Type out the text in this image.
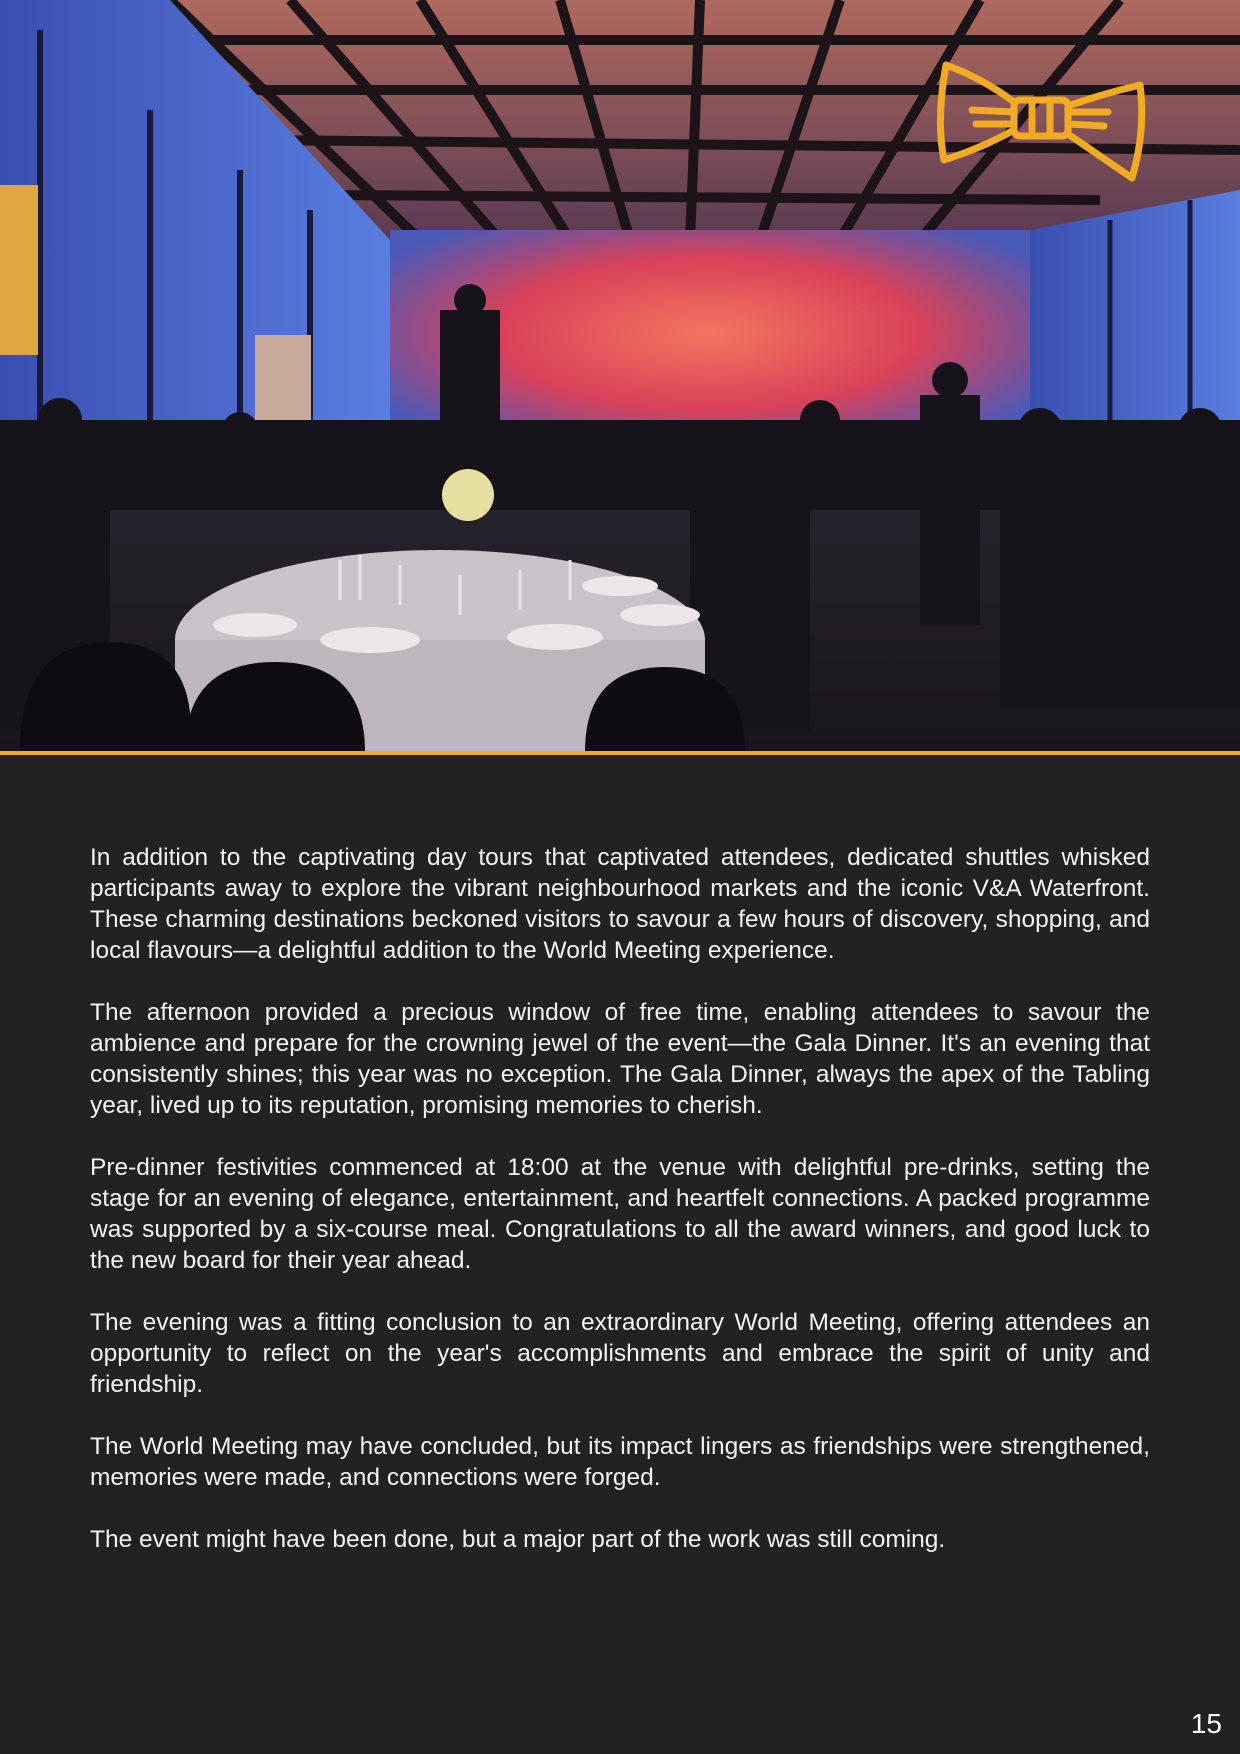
In addition to the captivating day tours that captivated attendees, dedicated shuttles whisked participants away to explore the vibrant neighbourhood markets and the iconic V&A Waterfront. These charming destinations beckoned visitors to savour a few hours of discovery, shopping, and local flavours—a delightful addition to the World Meeting experience.

The afternoon provided a precious window of free time, enabling attendees to savour the ambience and prepare for the crowning jewel of the event—the Gala Dinner. It's an evening that consistently shines; this year was no exception. The Gala Dinner, always the apex of the Tabling year, lived up to its reputation, promising memories to cherish.

Pre-dinner festivities commenced at 18:00 at the venue with delightful pre-drinks, setting the stage for an evening of elegance, entertainment, and heartfelt connections. A packed programme was supported by a six-course meal. Congratulations to all the award winners, and good luck to the new board for their year ahead.

The evening was a fitting conclusion to an extraordinary World Meeting, offering attendees an opportunity to reflect on the year's accomplishments and embrace the spirit of unity and friendship.

The World Meeting may have concluded, but its impact lingers as friendships were strengthened, memories were made, and connections were forged.

The event might have been done, but a major part of the work was still coming.

15
